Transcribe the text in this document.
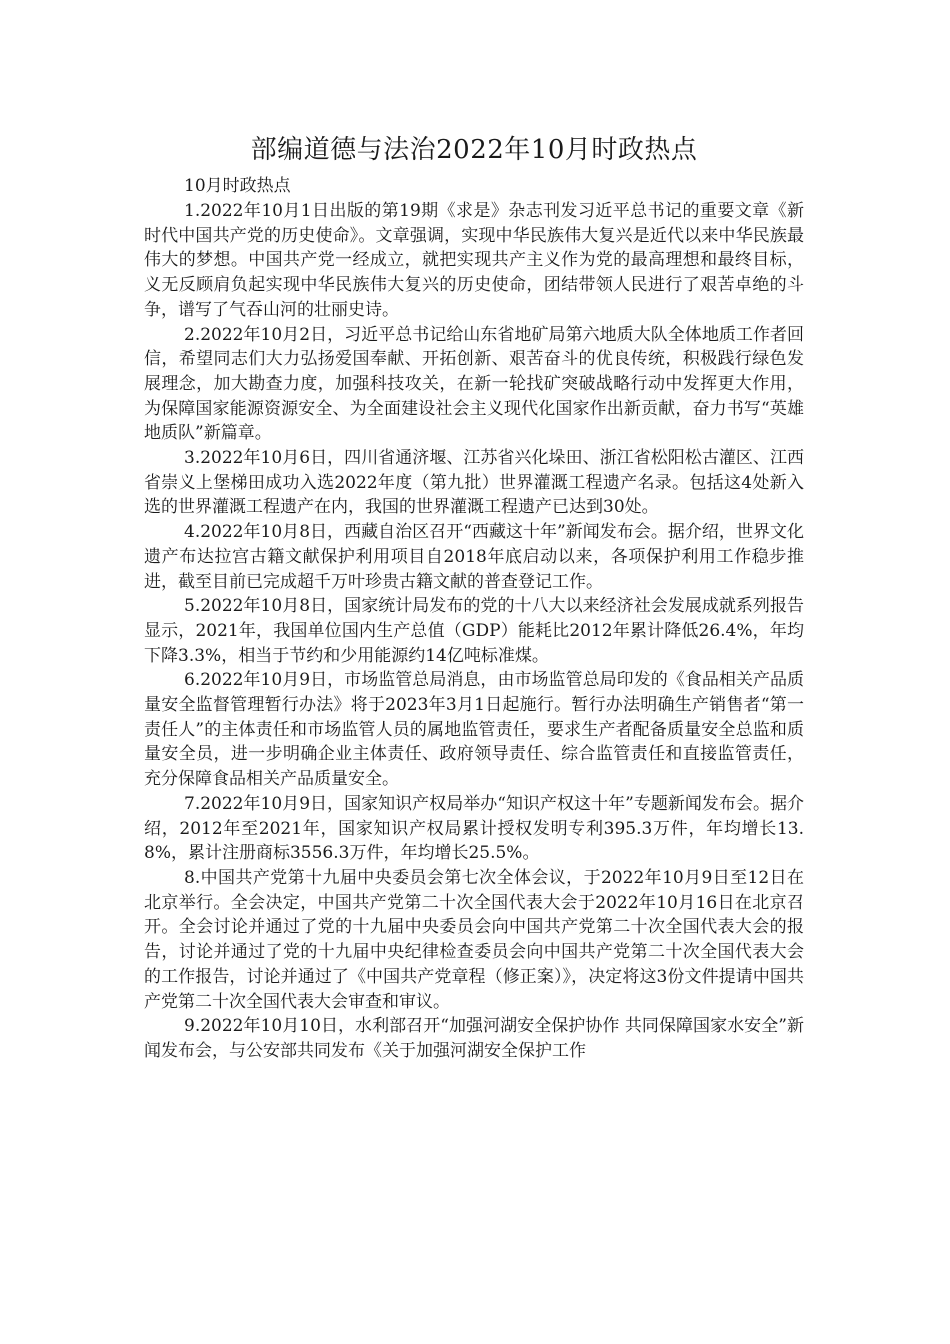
部编道德与法治2022年10月时政热点

10月时政热点

1.2022年10月1日出版的第19期《求是》杂志刊发习近平总书记的重要文章《新时代中国共产党的历史使命》。文章强调，实现中华民族伟大复兴是近代以来中华民族最伟大的梦想。中国共产党一经成立，就把实现共产主义作为党的最高理想和最终目标，义无反顾肩负起实现中华民族伟大复兴的历史使命，团结带领人民进行了艰苦卓绝的斗争，谱写了气吞山河的壮丽史诗。

2.2022年10月2日，习近平总书记给山东省地矿局第六地质大队全体地质工作者回信，希望同志们大力弘扬爱国奉献、开拓创新、艰苦奋斗的优良传统，积极践行绿色发展理念，加大勘查力度，加强科技攻关，在新一轮找矿突破战略行动中发挥更大作用，为保障国家能源资源安全、为全面建设社会主义现代化国家作出新贡献，奋力书写“英雄地质队”新篇章。

3.2022年10月6日，四川省通济堰、江苏省兴化垛田、浙江省松阳松古灌区、江西省崇义上堡梯田成功入选2022年度（第九批）世界灌溉工程遗产名录。包括这4处新入选的世界灌溉工程遗产在内，我国的世界灌溉工程遗产已达到30处。

4.2022年10月8日，西藏自治区召开“西藏这十年”新闻发布会。据介绍，世界文化遗产布达拉宫古籍文献保护利用项目自2018年底启动以来，各项保护利用工作稳步推进，截至目前已完成超千万叶珍贵古籍文献的普查登记工作。

5.2022年10月8日，国家统计局发布的党的十八大以来经济社会发展成就系列报告显示，2021年，我国单位国内生产总值（GDP）能耗比2012年累计降低26.4%，年均下降3.3%，相当于节约和少用能源约14亿吨标准煤。

6.2022年10月9日，市场监管总局消息，由市场监管总局印发的《食品相关产品质量安全监督管理暂行办法》将于2023年3月1日起施行。暂行办法明确生产销售者“第一责任人”的主体责任和市场监管人员的属地监管责任，要求生产者配备质量安全总监和质量安全员，进一步明确企业主体责任、政府领导责任、综合监管责任和直接监管责任，充分保障食品相关产品质量安全。

7.2022年10月9日，国家知识产权局举办“知识产权这十年”专题新闻发布会。据介绍，2012年至2021年，国家知识产权局累计授权发明专利395.3万件，年均增长13.8%，累计注册商标3556.3万件，年均增长25.5%。

8.中国共产党第十九届中央委员会第七次全体会议，于2022年10月9日至12日在北京举行。全会决定，中国共产党第二十次全国代表大会于2022年10月16日在北京召开。全会讨论并通过了党的十九届中央委员会向中国共产党第二十次全国代表大会的报告，讨论并通过了党的十九届中央纪律检查委员会向中国共产党第二十次全国代表大会的工作报告，讨论并通过了《中国共产党章程（修正案）》，决定将这3份文件提请中国共产党第二十次全国代表大会审查和审议。

9.2022年10月10日，水利部召开“加强河湖安全保护协作 共同保障国家水安全”新闻发布会，与公安部共同发布《关于加强河湖安全保护工作
